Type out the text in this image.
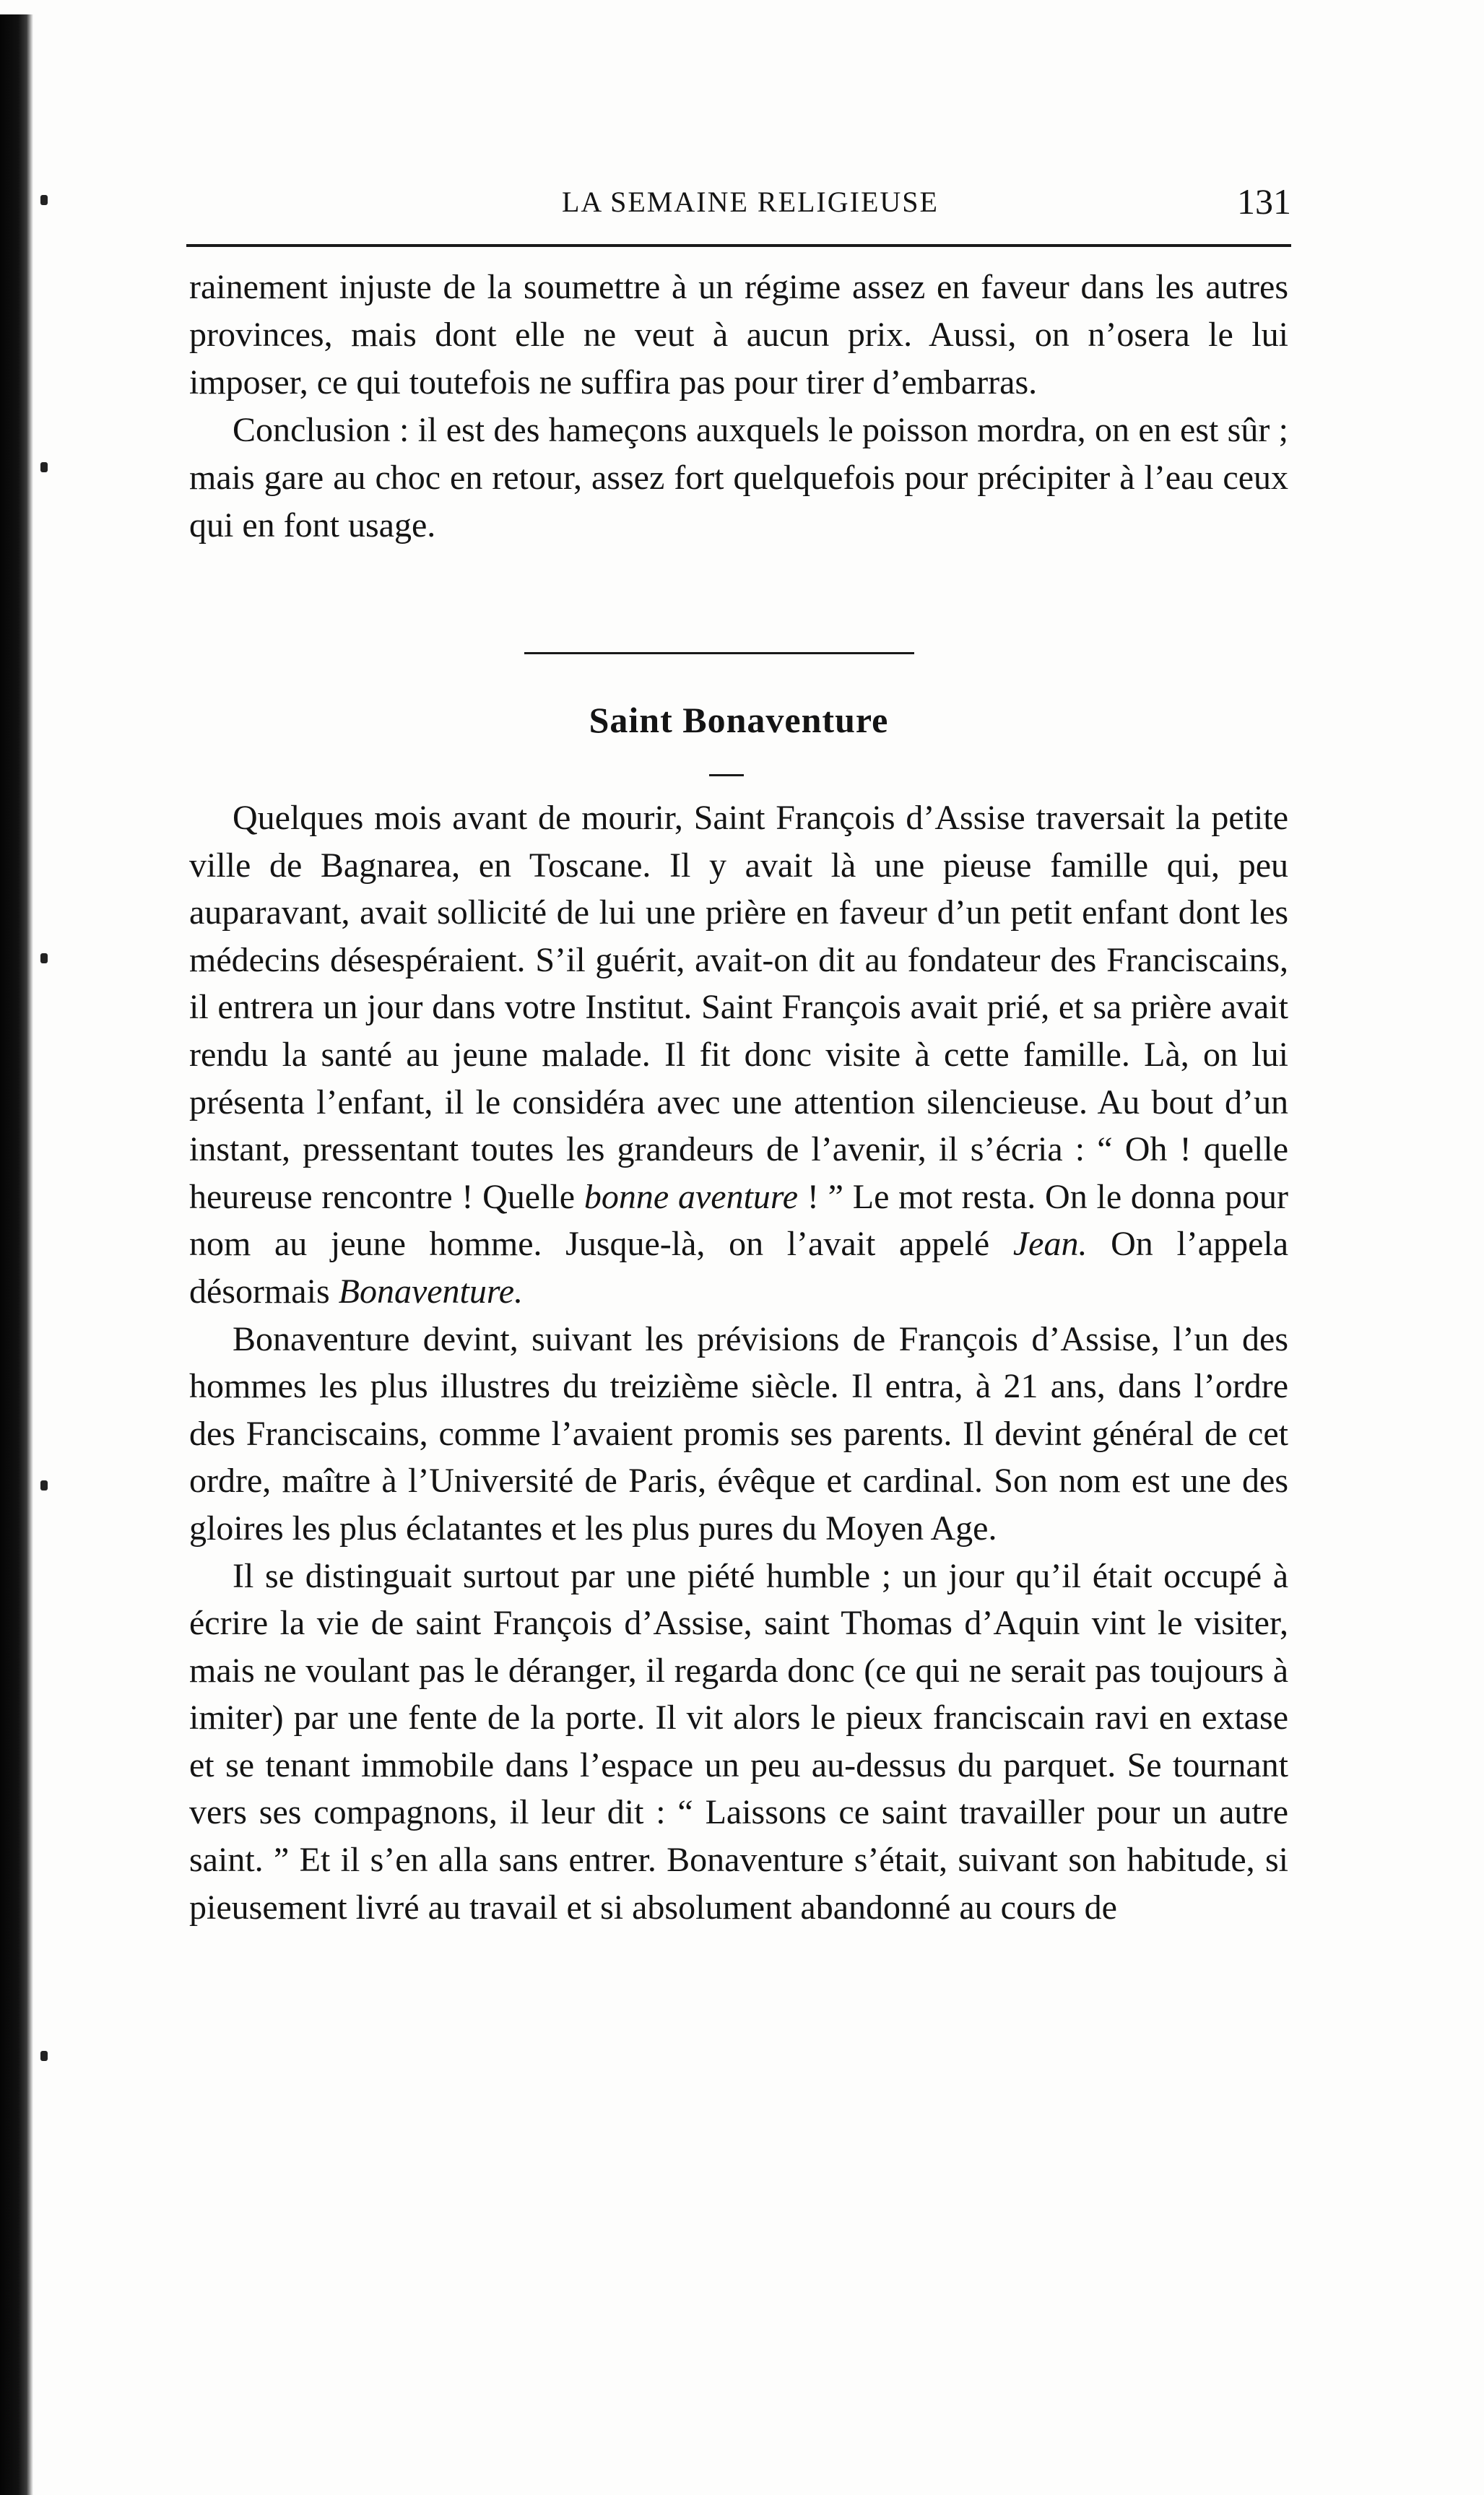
LA SEMAINE RELIGIEUSE	131

rainement injuste de la soumettre à un régime assez en faveur dans les autres provinces, mais dont elle ne veut à aucun prix. Aussi, on n’osera le lui imposer, ce qui toutefois ne suffira pas pour tirer d’embarras.

Conclusion : il est des hameçons auxquels le poisson mordra, on en est sûr ; mais gare au choc en retour, assez fort quelquefois pour précipiter à l’eau ceux qui en font usage.

Saint Bonaventure

Quelques mois avant de mourir, Saint François d’Assise traversait la petite ville de Bagnarea, en Toscane. Il y avait là une pieuse famille qui, peu auparavant, avait sollicité de lui une prière en faveur d’un petit enfant dont les médecins désespéraient. S’il guérit, avait-on dit au fondateur des Franciscains, il entrera un jour dans votre Institut. Saint François avait prié, et sa prière avait rendu la santé au jeune malade. Il fit donc visite à cette famille. Là, on lui présenta l’enfant, il le considéra avec une attention silencieuse. Au bout d’un instant, pressentant toutes les grandeurs de l’avenir, il s’écria : “ Oh ! quelle heureuse rencontre ! Quelle bonne aventure ! ” Le mot resta. On le donna pour nom au jeune homme. Jusque-là, on l’avait appelé Jean. On l’appela désormais Bonaventure.

Bonaventure devint, suivant les prévisions de François d’Assise, l’un des hommes les plus illustres du treizième siècle. Il entra, à 21 ans, dans l’ordre des Franciscains, comme l’avaient promis ses parents. Il devint général de cet ordre, maître à l’Université de Paris, évêque et cardinal. Son nom est une des gloires les plus éclatantes et les plus pures du Moyen Age.

Il se distinguait surtout par une piété humble ; un jour qu’il était occupé à écrire la vie de saint François d’Assise, saint Thomas d’Aquin vint le visiter, mais ne voulant pas le déranger, il regarda donc (ce qui ne serait pas toujours à imiter) par une fente de la porte. Il vit alors le pieux franciscain ravi en extase et se tenant immobile dans l’espace un peu au-dessus du parquet. Se tournant vers ses compagnons, il leur dit : “ Laissons ce saint travailler pour un autre saint. ” Et il s’en alla sans entrer. Bonaventure s’était, suivant son habitude, si pieusement livré au travail et si absolument abandonné au cours de
